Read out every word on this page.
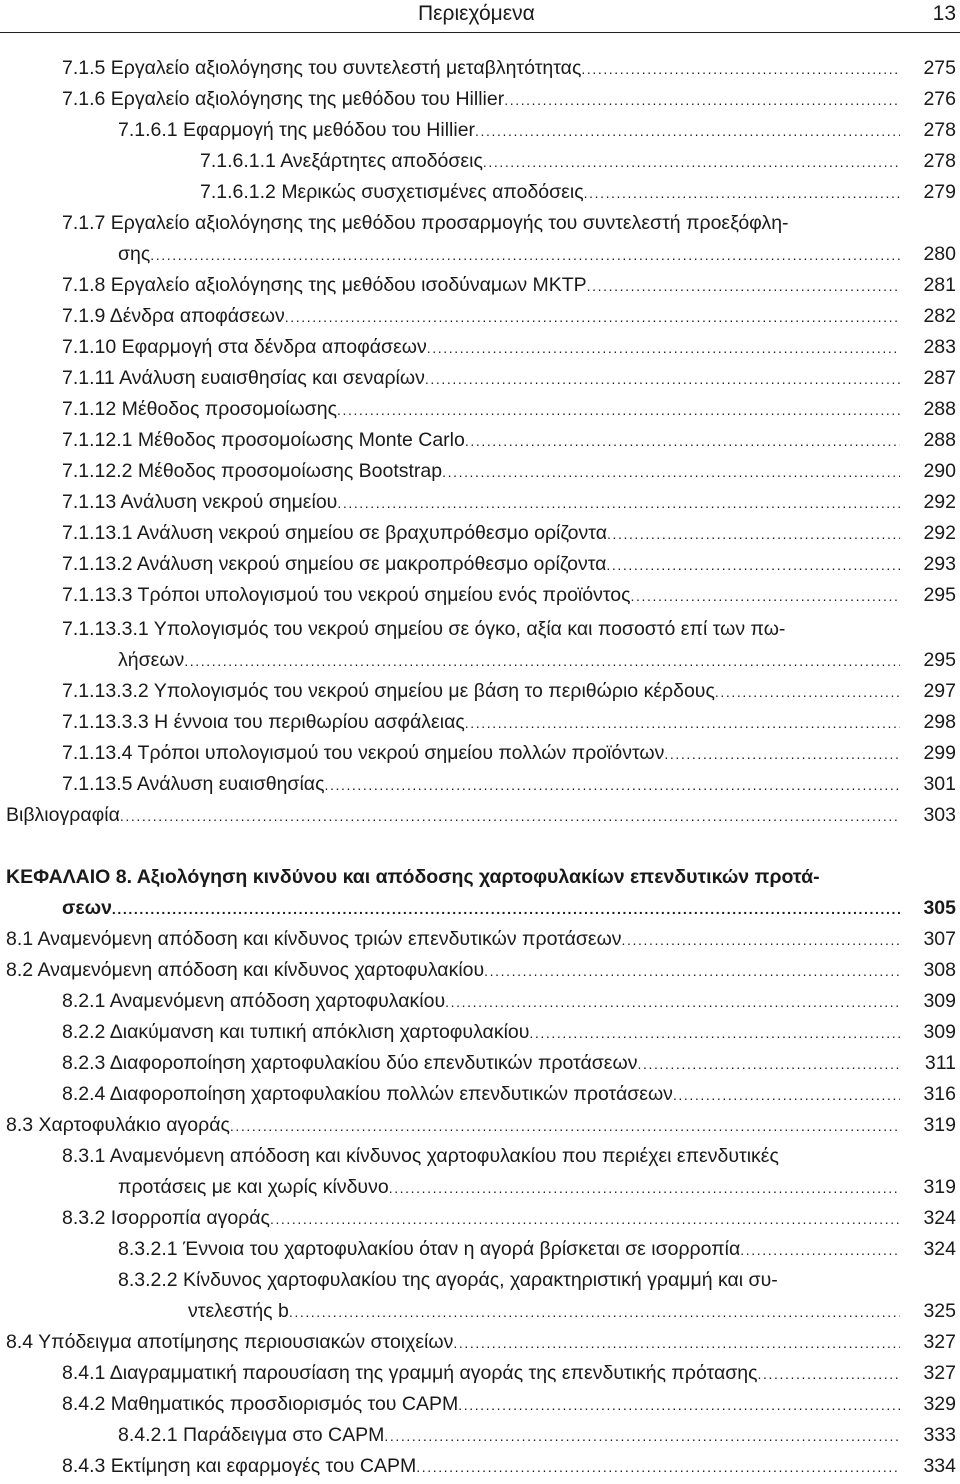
Περιεχόμενα	13
7.1.5 Εργαλείο αξιολόγησης του συντελεστή μεταβλητότητας .....	275
7.1.6 Εργαλείο αξιολόγησης της μεθόδου του Hillier .....	276
7.1.6.1 Εφαρμογή της μεθόδου του Hillier .....	278
7.1.6.1.1 Ανεξάρτητες αποδόσεις .....	278
7.1.6.1.2 Μερικώς συσχετισμένες αποδόσεις .....	279
7.1.7 Εργαλείο αξιολόγησης της μεθόδου προσαρμογής του συντελεστή προεξόφλη-
σης .....	280
7.1.8 Εργαλείο αξιολόγησης της μεθόδου ισοδύναμων ΜΚΤΡ .....	281
7.1.9 Δένδρα αποφάσεων .....	282
7.1.10 Εφαρμογή στα δένδρα αποφάσεων .....	283
7.1.11 Ανάλυση ευαισθησίας και σεναρίων .....	287
7.1.12 Μέθοδος προσομοίωσης .....	288
7.1.12.1 Μέθοδος προσομοίωσης Monte Carlo .....	288
7.1.12.2 Μέθοδος προσομοίωσης Bootstrap .....	290
7.1.13 Ανάλυση νεκρού σημείου .....	292
7.1.13.1 Ανάλυση νεκρού σημείου σε βραχυπρόθεσμο ορίζοντα .....	292
7.1.13.2 Ανάλυση νεκρού σημείου σε μακροπρόθεσμο ορίζοντα .....	293
7.1.13.3 Τρόποι υπολογισμού του νεκρού σημείου ενός προϊόντος .....	295
7.1.13.3.1 Υπολογισμός του νεκρού σημείου σε όγκο, αξία και ποσοστό επί των πω-
λήσεων .....	295
7.1.13.3.2 Υπολογισμός του νεκρού σημείου με βάση το περιθώριο κέρδους .....	297
7.1.13.3.3 Η έννοια του περιθωρίου ασφάλειας .....	298
7.1.13.4 Τρόποι υπολογισμού του νεκρού σημείου πολλών προϊόντων .....	299
7.1.13.5 Ανάλυση ευαισθησίας .....	301
Βιβλιογραφία .....	303
ΚΕΦΑΛΑΙΟ 8. Αξιολόγηση κινδύνου και απόδοσης χαρτοφυλακίων επενδυτικών προτά-
σεων .....	305
8.1 Αναμενόμενη απόδοση και κίνδυνος τριών επενδυτικών προτάσεων .....	307
8.2 Αναμενόμενη απόδοση και κίνδυνος χαρτοφυλακίου .....	308
8.2.1 Αναμενόμενη απόδοση χαρτοφυλακίου .....	309
8.2.2 Διακύμανση και τυπική απόκλιση χαρτοφυλακίου .....	309
8.2.3 Διαφοροποίηση χαρτοφυλακίου δύο επενδυτικών προτάσεων .....	311
8.2.4 Διαφοροποίηση χαρτοφυλακίου πολλών επενδυτικών προτάσεων .....	316
8.3 Χαρτοφυλάκιο αγοράς .....	319
8.3.1 Αναμενόμενη απόδοση και κίνδυνος χαρτοφυλακίου που περιέχει επενδυτικές
προτάσεις με και χωρίς κίνδυνο .....	319
8.3.2 Ισορροπία αγοράς .....	324
8.3.2.1 Έννοια του χαρτοφυλακίου όταν η αγορά βρίσκεται σε ισορροπία .....	324
8.3.2.2 Κίνδυνος χαρτοφυλακίου της αγοράς, χαρακτηριστική γραμμή και συ-
ντελεστής b .....	325
8.4 Υπόδειγμα αποτίμησης περιουσιακών στοιχείων .....	327
8.4.1 Διαγραμματική παρουσίαση της γραμμή αγοράς της επενδυτικής πρότασης .....	327
8.4.2 Μαθηματικός προσδιορισμός του CAPM .....	329
8.4.2.1 Παράδειγμα στο CAPM .....	333
8.4.3 Εκτίμηση και εφαρμογές του CAPM .....	334
